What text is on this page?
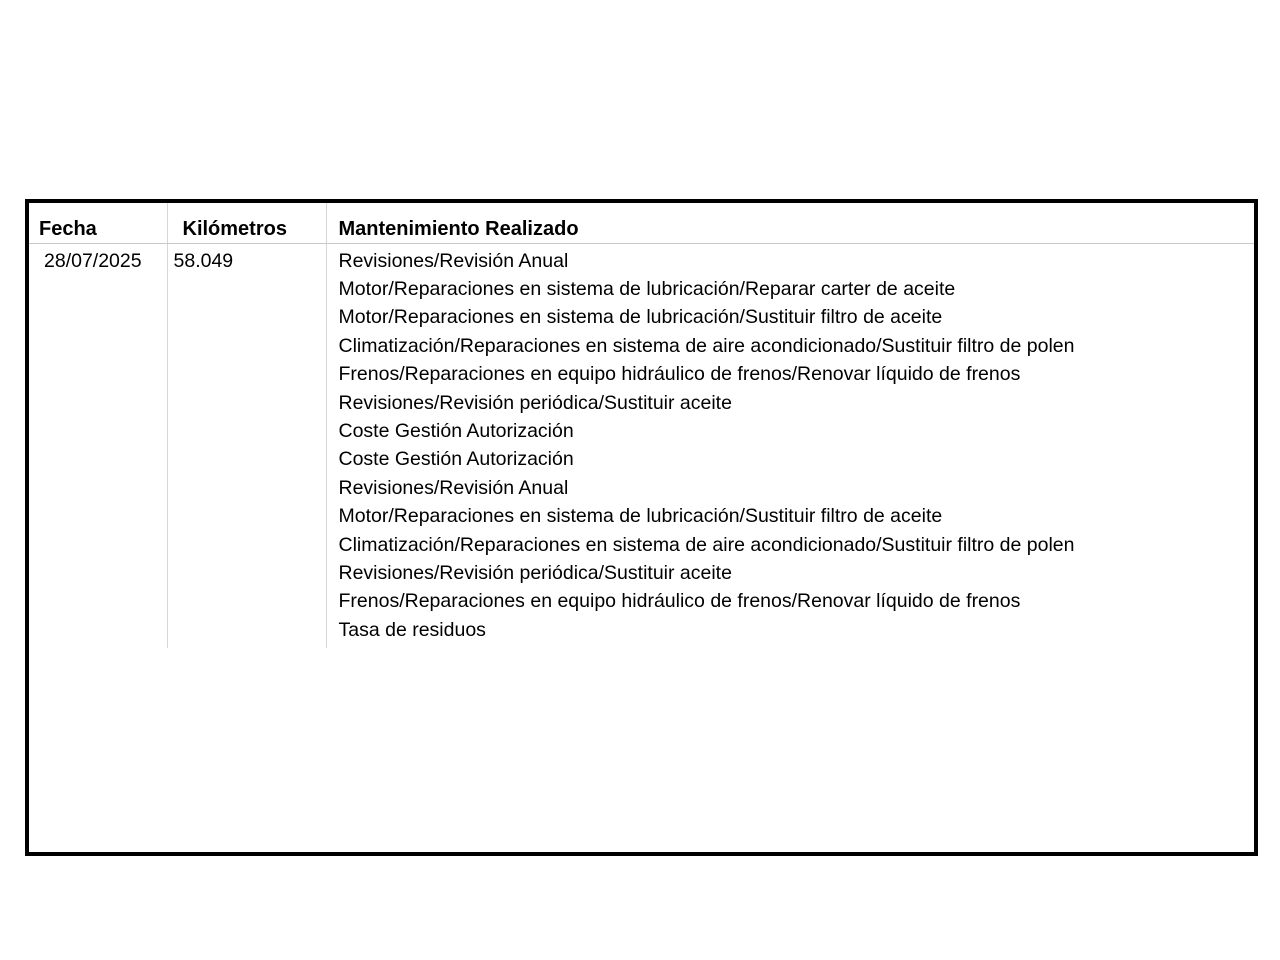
Fecha	Kilómetros	Mantenimiento Realizado
28/07/2025	58.049	Revisiones/Revisión Anual
Motor/Reparaciones en sistema de lubricación/Reparar carter de aceite
Motor/Reparaciones en sistema de lubricación/Sustituir filtro de aceite
Climatización/Reparaciones en sistema de aire acondicionado/Sustituir filtro de polen
Frenos/Reparaciones en equipo hidráulico de frenos/Renovar líquido de frenos
Revisiones/Revisión periódica/Sustituir aceite
Coste Gestión Autorización
Coste Gestión Autorización
Revisiones/Revisión Anual
Motor/Reparaciones en sistema de lubricación/Sustituir filtro de aceite
Climatización/Reparaciones en sistema de aire acondicionado/Sustituir filtro de polen
Revisiones/Revisión periódica/Sustituir aceite
Frenos/Reparaciones en equipo hidráulico de frenos/Renovar líquido de frenos
Tasa de residuos
